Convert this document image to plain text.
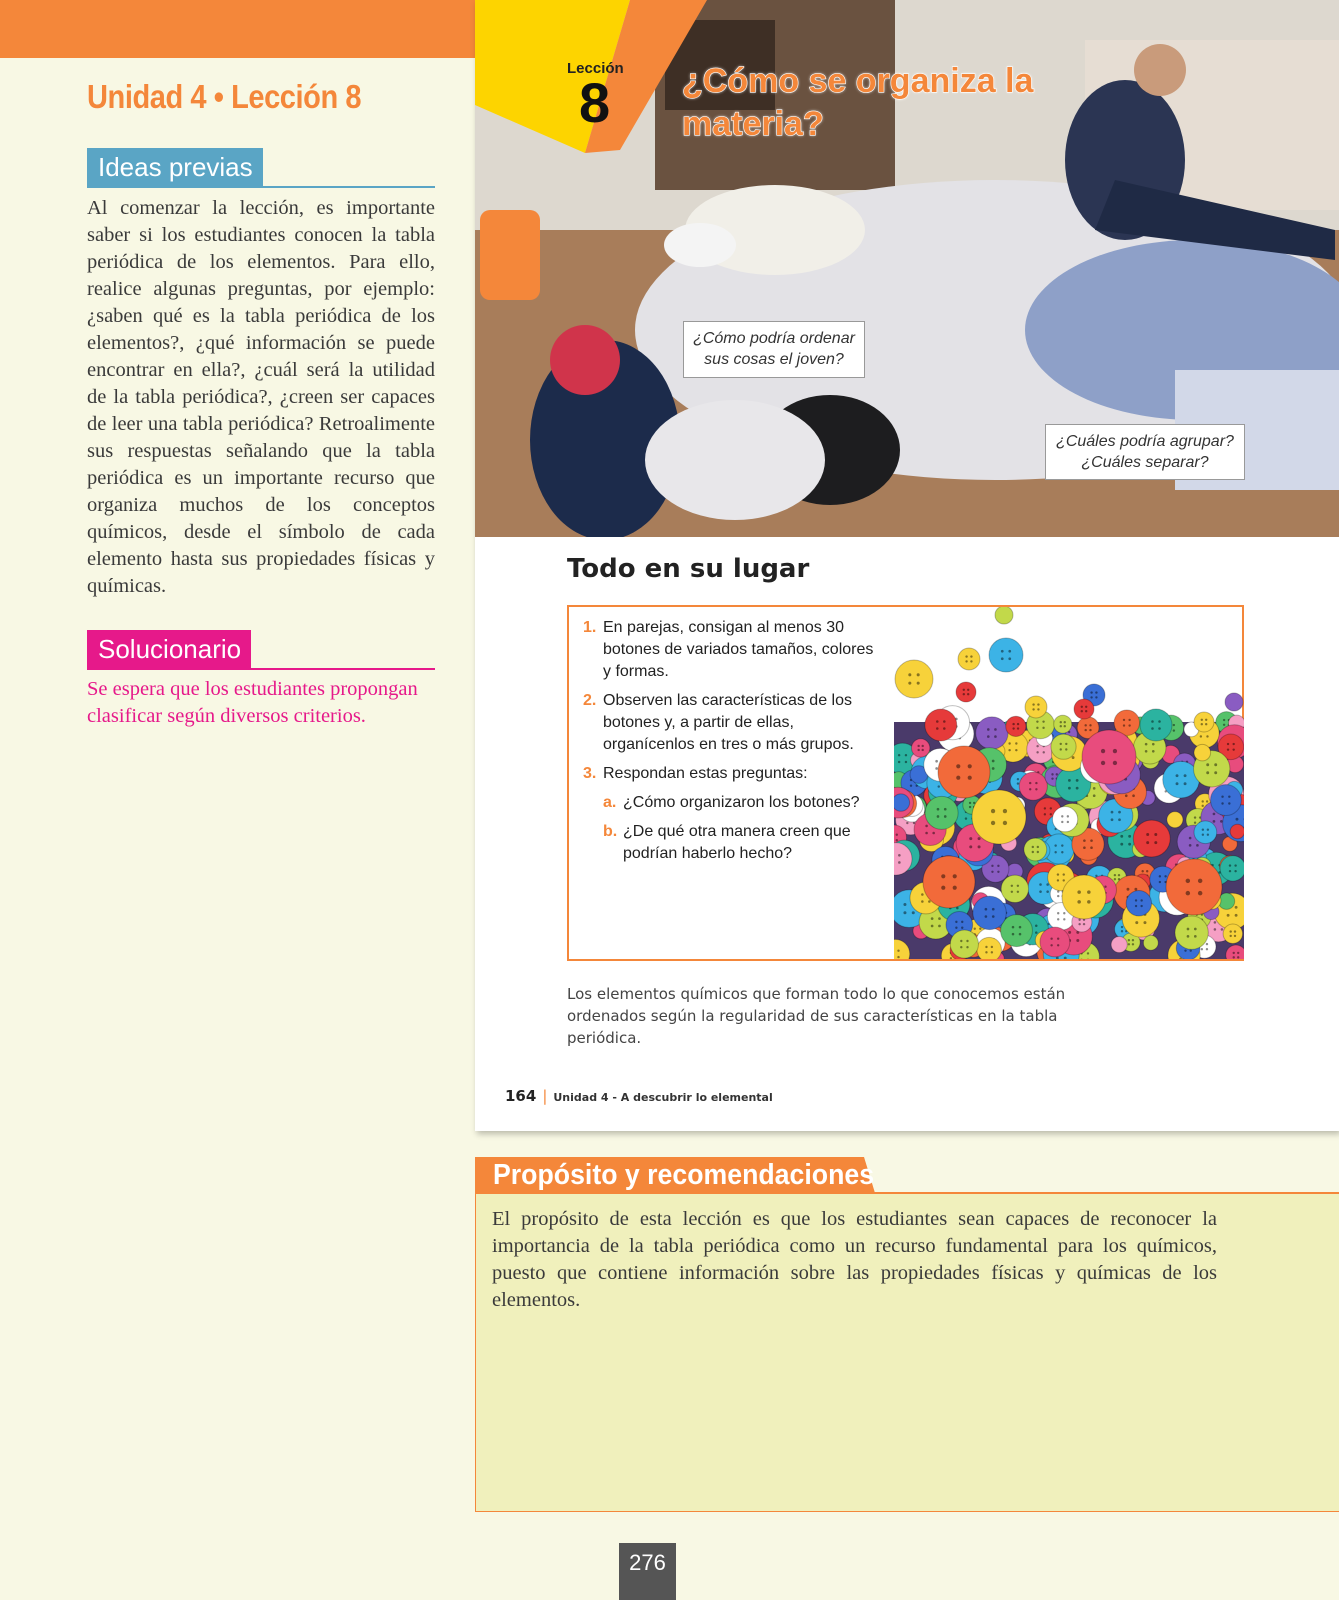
Unidad 4 • Lección 8
Ideas previas

Al comenzar la lección, es importante saber si los estudiantes conocen la tabla periódica de los elementos. Para ello, realice algunas preguntas, por ejemplo: ¿saben qué es la tabla periódica de los elementos?, ¿qué información se puede encontrar en ella?, ¿cuál será la utilidad de la tabla periódica?, ¿creen ser capaces de leer una tabla periódica? Retroalimente sus respuestas señalando que la tabla periódica es un importante recurso que organiza muchos de los conceptos químicos, desde el símbolo de cada elemento hasta sus propiedades físicas y químicas.

Solucionario

Se espera que los estudiantes propongan clasificar según diversos criterios.

Lección
8 ¿Cómo se organiza la materia?
¿Cómo podría ordenar sus cosas el joven?
¿Cuáles podría agrupar? ¿Cuáles separar?
Todo en su lugar
1. En parejas, consigan al menos 30 botones de variados tamaños, colores y formas.
2. Observen las características de los botones y, a partir de ellas, organícenlos en tres o más grupos.
3. Respondan estas preguntas:
a. ¿Cómo organizaron los botones?
b. ¿De qué otra manera creen que podrían haberlo hecho?

Los elementos químicos que forman todo lo que conocemos están ordenados según la regularidad de sus características en la tabla periódica.

164 | Unidad 4 - A descubrir lo elemental
Propósito y recomendaciones

El propósito de esta lección es que los estudiantes sean capaces de reconocer la importancia de la tabla periódica como un recurso fundamental para los químicos, puesto que contiene información sobre las propiedades físicas y químicas de los elementos.

276
